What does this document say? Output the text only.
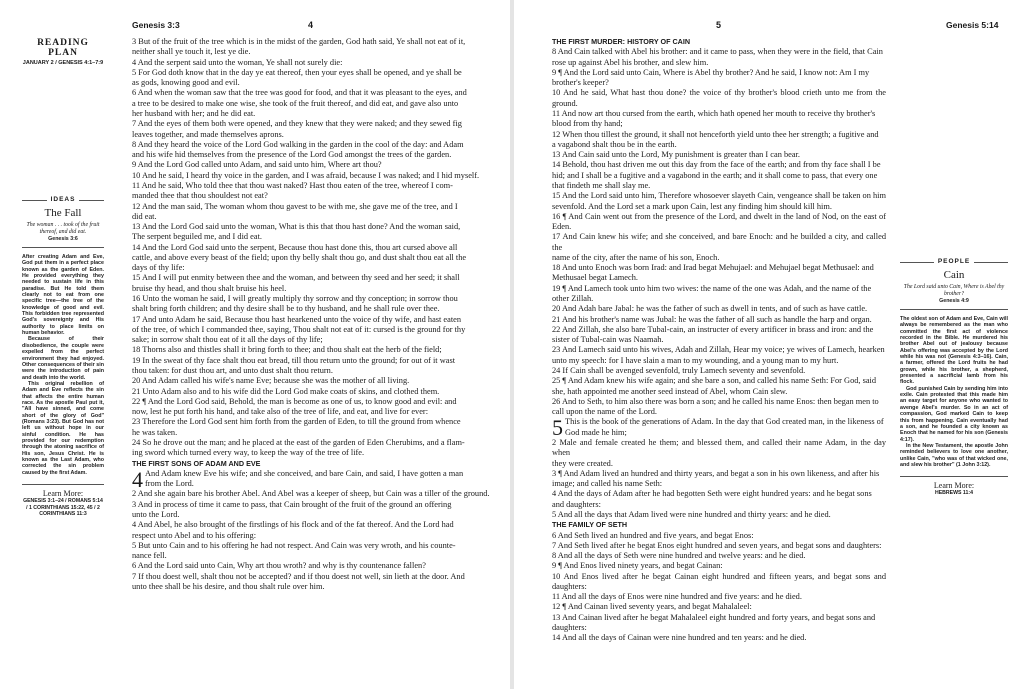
Genesis 3:3	4
READING PLAN
JANUARY 2 / GENESIS 4:1–7:9
IDEAS
The Fall
The woman . . . took of the fruit thereof, and did eat.
Genesis 3:6

After creating Adam and Eve, God put them in a perfect place known as the garden of Eden. He provided everything they needed to sustain life in this paradise. But He told them clearly not to eat from one specific tree—the tree of the knowledge of good and evil. This forbidden tree represented God's sovereignty and His authority to place limits on human behavior.

Because of their disobedience, the couple were expelled from the perfect environment they had enjoyed. Other consequences of their sin were the introduction of pain and death into the world.

This original rebellion of Adam and Eve reflects the sin that affects the entire human race. As the apostle Paul put it, "All have sinned, and come short of the glory of God" (Romans 3:23). But God has not left us without hope in our sinful condition. He has provided for our redemption through the atoning sacrifice of His son, Jesus Christ. He is known as the Last Adam, who corrected the sin problem caused by the first Adam.

Learn More:
GENESIS 3:1–24 / ROMANS 5:14 / 1 CORINTHIANS 15:22, 45 / 2 CORINTHIANS 11:3

3 But of the fruit of the tree which is in the midst of the garden, God hath said, Ye shall not eat of it,

neither shall ye touch it, lest ye die.

4 And the serpent said unto the woman, Ye shall not surely die:

5 For God doth know that in the day ye eat thereof, then your eyes shall be opened, and ye shall be

as gods, knowing good and evil.

6 And when the woman saw that the tree was good for food, and that it was pleasant to the eyes, and

a tree to be desired to make one wise, she took of the fruit thereof, and did eat, and gave also unto

her husband with her; and he did eat.

7 And the eyes of them both were opened, and they knew that they were naked; and they sewed fig

leaves together, and made themselves aprons.

8 And they heard the voice of the Lord God walking in the garden in the cool of the day: and Adam

and his wife hid themselves from the presence of the Lord God amongst the trees of the garden.

9 And the Lord God called unto Adam, and said unto him, Where art thou?

10 And he said, I heard thy voice in the garden, and I was afraid, because I was naked; and I hid myself.

11 And he said, Who told thee that thou wast naked? Hast thou eaten of the tree, whereof I com-

manded thee that thou shouldest not eat?

12 And the man said, The woman whom thou gavest to be with me, she gave me of the tree, and I

did eat.

13 And the Lord God said unto the woman, What is this that thou hast done? And the woman said,

The serpent beguiled me, and I did eat.

14 And the Lord God said unto the serpent, Because thou hast done this, thou art cursed above all

cattle, and above every beast of the field; upon thy belly shalt thou go, and dust shalt thou eat all the

days of thy life:

15 And I will put enmity between thee and the woman, and between thy seed and her seed; it shall

bruise thy head, and thou shalt bruise his heel.

16 Unto the woman he said, I will greatly multiply thy sorrow and thy conception; in sorrow thou

shalt bring forth children; and thy desire shall be to thy husband, and he shall rule over thee.

17 And unto Adam he said, Because thou hast hearkened unto the voice of thy wife, and hast eaten

of the tree, of which I commanded thee, saying, Thou shalt not eat of it: cursed is the ground for thy

sake; in sorrow shalt thou eat of it all the days of thy life;

18 Thorns also and thistles shall it bring forth to thee; and thou shalt eat the herb of the field;

19 In the sweat of thy face shalt thou eat bread, till thou return unto the ground; for out of it wast

thou taken: for dust thou art, and unto dust shalt thou return.

20 And Adam called his wife's name Eve; because she was the mother of all living.

21 Unto Adam also and to his wife did the Lord God make coats of skins, and clothed them.

22 ¶ And the Lord God said, Behold, the man is become as one of us, to know good and evil: and

now, lest he put forth his hand, and take also of the tree of life, and eat, and live for ever:

23 Therefore the Lord God sent him forth from the garden of Eden, to till the ground from whence

he was taken.

24 So he drove out the man; and he placed at the east of the garden of Eden Cherubims, and a flam-

ing sword which turned every way, to keep the way of the tree of life.

THE FIRST SONS OF ADAM AND EVE

4 And Adam knew Eve his wife; and she conceived, and bare Cain, and said, I have gotten a man

from the Lord.

2 And she again bare his brother Abel. And Abel was a keeper of sheep, but Cain was a tiller of the ground.

3 And in process of time it came to pass, that Cain brought of the fruit of the ground an offering

unto the Lord.

4 And Abel, he also brought of the firstlings of his flock and of the fat thereof. And the Lord had

respect unto Abel and to his offering:

5 But unto Cain and to his offering he had not respect. And Cain was very wroth, and his counte-

nance fell.

6 And the Lord said unto Cain, Why art thou wroth? and why is thy countenance fallen?

7 If thou doest well, shalt thou not be accepted? and if thou doest not well, sin lieth at the door. And

unto thee shall be his desire, and thou shalt rule over him.

5	Genesis 5:14

THE FIRST MURDER: HISTORY OF CAIN

8 And Cain talked with Abel his brother: and it came to pass, when they were in the field, that Cain

rose up against Abel his brother, and slew him.

9 ¶ And the Lord said unto Cain, Where is Abel thy brother? And he said, I know not: Am I my

brother's keeper?

10 And he said, What hast thou done? the voice of thy brother's blood crieth unto me from the ground.

11 And now art thou cursed from the earth, which hath opened her mouth to receive thy brother's

blood from thy hand;

12 When thou tillest the ground, it shall not henceforth yield unto thee her strength; a fugitive and

a vagabond shalt thou be in the earth.

13 And Cain said unto the Lord, My punishment is greater than I can bear.

14 Behold, thou hast driven me out this day from the face of the earth; and from thy face shall I be

hid; and I shall be a fugitive and a vagabond in the earth; and it shall come to pass, that every one

that findeth me shall slay me.

15 And the Lord said unto him, Therefore whosoever slayeth Cain, vengeance shall be taken on him

sevenfold. And the Lord set a mark upon Cain, lest any finding him should kill him.

16 ¶ And Cain went out from the presence of the Lord, and dwelt in the land of Nod, on the east of Eden.

17 And Cain knew his wife; and she conceived, and bare Enoch: and he builded a city, and called the

name of the city, after the name of his son, Enoch.

18 And unto Enoch was born Irad: and Irad begat Mehujael: and Mehujael begat Methusael: and

Methusael begat Lamech.

19 ¶ And Lamech took unto him two wives: the name of the one was Adah, and the name of the

other Zillah.

20 And Adah bare Jabal: he was the father of such as dwell in tents, and of such as have cattle.

21 And his brother's name was Jubal: he was the father of all such as handle the harp and organ.

22 And Zillah, she also bare Tubal-cain, an instructer of every artificer in brass and iron: and the

sister of Tubal-cain was Naamah.

23 And Lamech said unto his wives, Adah and Zillah, Hear my voice; ye wives of Lamech, hearken

unto my speech: for I have slain a man to my wounding, and a young man to my hurt.

24 If Cain shall be avenged sevenfold, truly Lamech seventy and sevenfold.

25 ¶ And Adam knew his wife again; and she bare a son, and called his name Seth: For God, said

she, hath appointed me another seed instead of Abel, whom Cain slew.

26 And to Seth, to him also there was born a son; and he called his name Enos: then began men to

call upon the name of the Lord.

5 This is the book of the generations of Adam. In the day that God created man, in the likeness of

God made he him;

2 Male and female created he them; and blessed them, and called their name Adam, in the day when

they were created.

3 ¶ And Adam lived an hundred and thirty years, and begat a son in his own likeness, and after his

image; and called his name Seth:

4 And the days of Adam after he had begotten Seth were eight hundred years: and he begat sons

and daughters:

5 And all the days that Adam lived were nine hundred and thirty years: and he died.

THE FAMILY OF SETH

6 And Seth lived an hundred and five years, and begat Enos:

7 And Seth lived after he begat Enos eight hundred and seven years, and begat sons and daughters:

8 And all the days of Seth were nine hundred and twelve years: and he died.

9 ¶ And Enos lived ninety years, and begat Cainan:

10 And Enos lived after he begat Cainan eight hundred and fifteen years, and begat sons and daughters:

11 And all the days of Enos were nine hundred and five years: and he died.

12 ¶ And Cainan lived seventy years, and begat Mahalaleel:

13 And Cainan lived after he begat Mahalaleel eight hundred and forty years, and begat sons and

daughters:

14 And all the days of Cainan were nine hundred and ten years: and he died.

PEOPLE
Cain
The Lord said unto Cain, Where is Abel thy brother?
Genesis 4:9

The oldest son of Adam and Eve, Cain will always be remembered as the man who committed the first act of violence recorded in the Bible. He murdered his brother Abel out of jealousy because Abel's offering was accepted by the Lord while his was not (Genesis 4:3–16). Cain, a farmer, offered the Lord fruits he had grown, while his brother, a shepherd, presented a sacrificial lamb from his flock.

God punished Cain by sending him into exile. Cain protested that this made him an easy target for anyone who wanted to avenge Abel's murder. So in an act of compassion, God marked Cain to keep this from happening. Cain eventually had a son, and he founded a city known as Enoch that he named for his son (Genesis 4:17).

In the New Testament, the apostle John reminded believers to love one another, unlike Cain, "who was of that wicked one, and slew his brother" (1 John 3:12).

Learn More:
HEBREWS 11:4
